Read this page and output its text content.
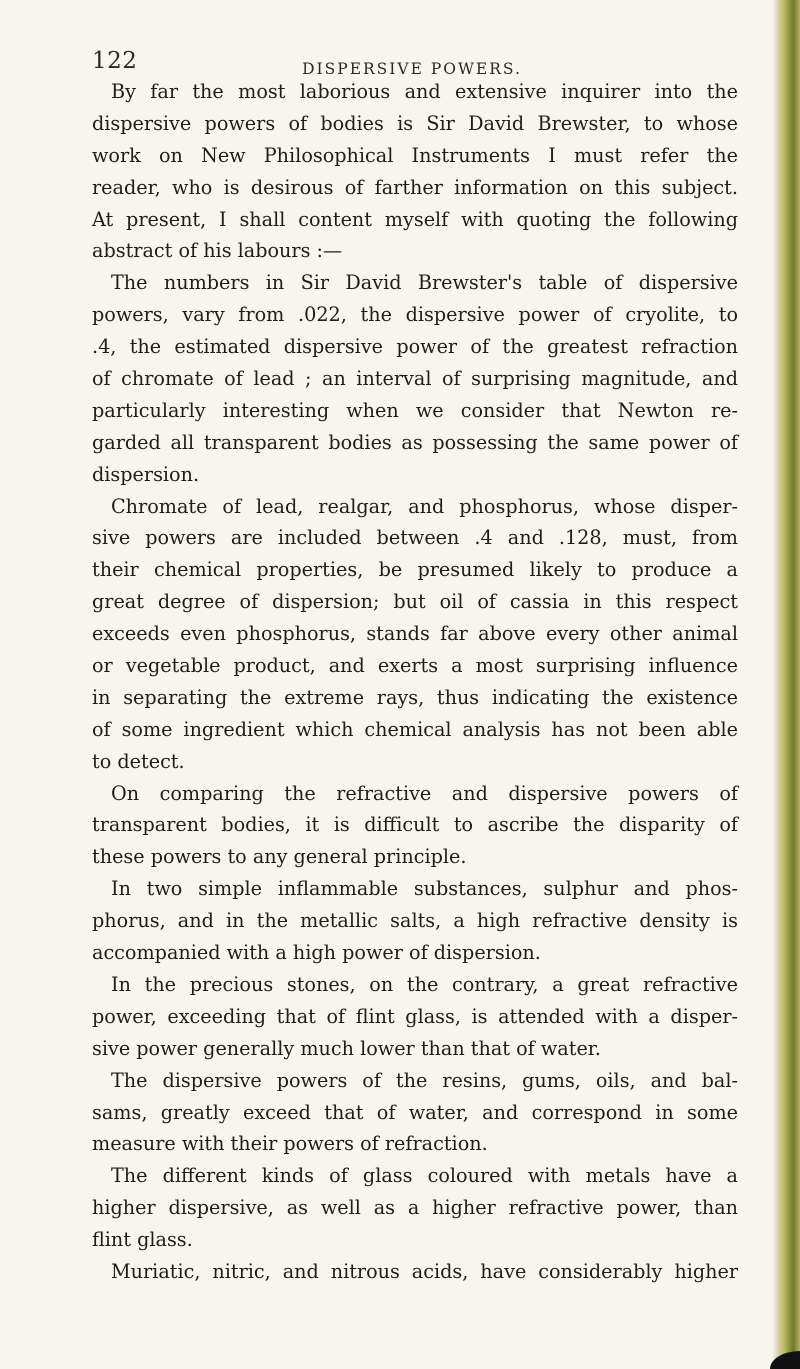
122	DISPERSIVE POWERS.
By far the most laborious and extensive inquirer into the
dispersive powers of bodies is Sir David Brewster, to whose
work on New Philosophical Instruments I must refer the
reader, who is desirous of farther information on this subject.
At present, I shall content myself with quoting the following
abstract of his labours :—
The numbers in Sir David Brewster's table of dispersive
powers, vary from .022, the dispersive power of cryolite, to
.4, the estimated dispersive power of the greatest refraction
of chromate of lead ; an interval of surprising magnitude, and
particularly interesting when we consider that Newton re-
garded all transparent bodies as possessing the same power of
dispersion.
Chromate of lead, realgar, and phosphorus, whose disper-
sive powers are included between .4 and .128, must, from
their chemical properties, be presumed likely to produce a
great degree of dispersion; but oil of cassia in this respect
exceeds even phosphorus, stands far above every other animal
or vegetable product, and exerts a most surprising influence
in separating the extreme rays, thus indicating the existence
of some ingredient which chemical analysis has not been able
to detect.
On comparing the refractive and dispersive powers of
transparent bodies, it is difficult to ascribe the disparity of
these powers to any general principle.
In two simple inflammable substances, sulphur and phos-
phorus, and in the metallic salts, a high refractive density is
accompanied with a high power of dispersion.
In the precious stones, on the contrary, a great refractive
power, exceeding that of flint glass, is attended with a disper-
sive power generally much lower than that of water.
The dispersive powers of the resins, gums, oils, and bal-
sams, greatly exceed that of water, and correspond in some
measure with their powers of refraction.
The different kinds of glass coloured with metals have a
higher dispersive, as well as a higher refractive power, than
flint glass.
Muriatic, nitric, and nitrous acids, have considerably higher
